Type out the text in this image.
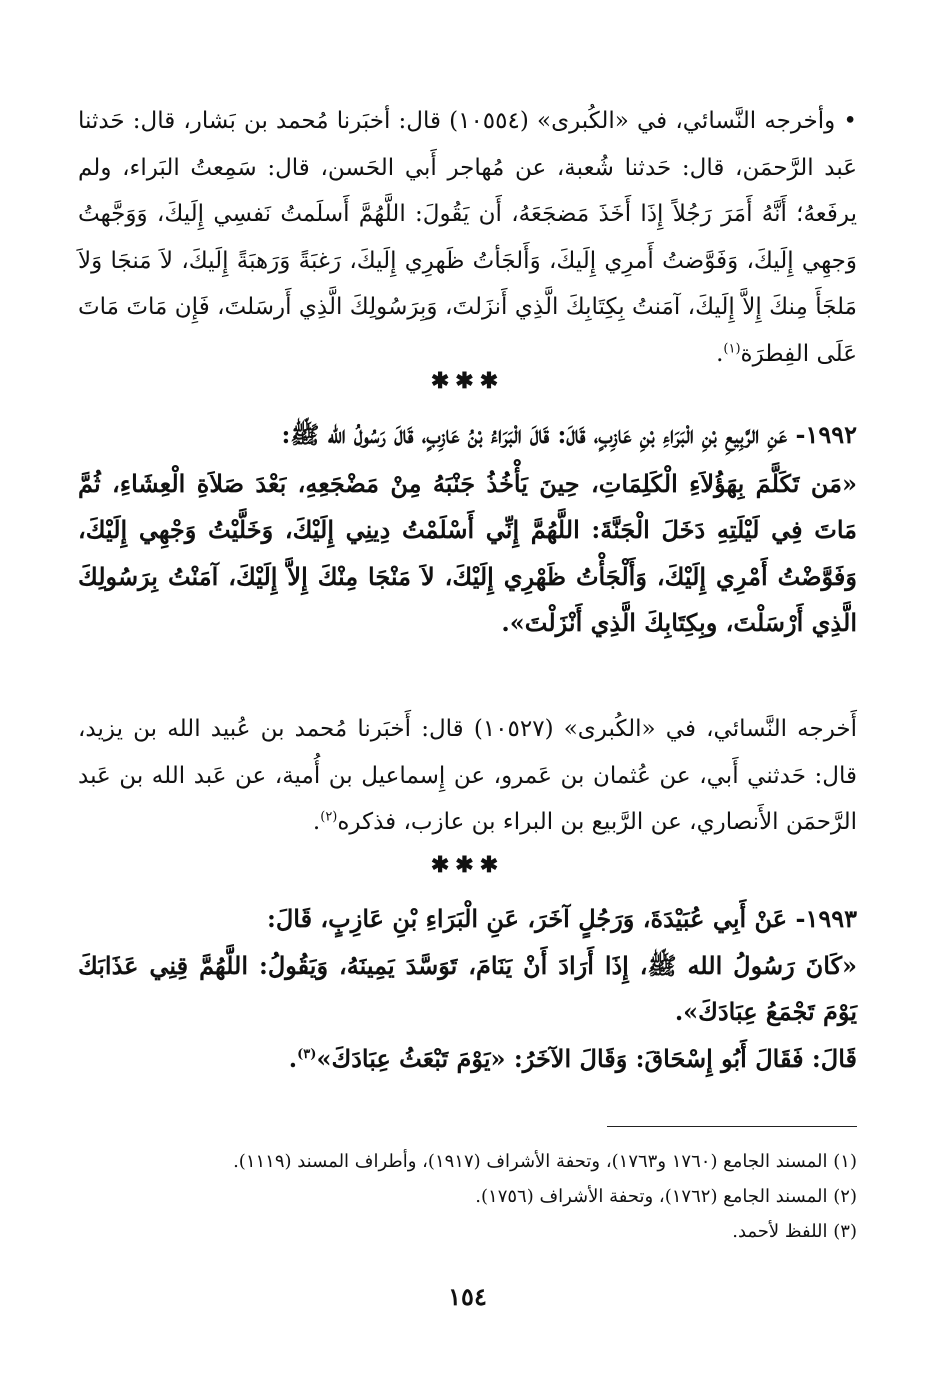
• وأخرجه النَّسائي، في «الكُبرى» (١٠٥٥٤) قال: أخبَرنا مُحمد بن بَشار، قال: حَدثنا عَبد الرَّحمَن، قال: حَدثنا شُعبة، عن مُهاجر أَبي الحَسن، قال: سَمِعتُ البَراء، ولم يرفَعهُ؛ أَنَّهُ أَمَرَ رَجُلاً إِذَا أَخَذَ مَضجَعَهُ، أَن يَقُولَ: اللَّهُمَّ أَسلَمتُ نَفسِي إِلَيكَ، وَوَجَّهتُ وَجهِي إِلَيكَ، وَفَوَّضتُ أَمرِي إِلَيكَ، وَأَلجَأتُ ظَهرِي إِلَيكَ، رَغبَةً وَرَهبَةً إِلَيكَ، لاَ مَنجَا وَلاَ مَلجَأَ مِنكَ إِلاَّ إِلَيكَ، آمَنتُ بِكِتَابِكَ الَّذِي أَنزَلتَ، وَبِرَسُولِكَ الَّذِي أَرسَلتَ، فَإِن مَاتَ مَاتَ عَلَى الفِطرَة$^{(١)}$.
✱✱✱
١٩٩٢- عَنِ الرَّبِيعِ بْنِ الْبَرَاءِ بْنِ عَازِبٍ، قَالَ: قَالَ الْبَرَاءُ بْنُ عَازِبٍ، قَالَ رَسُولُ الله ﷺ:
«مَن تَكَلَّمَ بِهَؤُلاَءِ الْكَلِمَاتِ، حِينَ يَأْخُذُ جَنْبَهُ مِنْ مَضْجَعِهِ، بَعْدَ صَلاَةِ الْعِشَاءِ، ثُمَّ مَاتَ فِي لَيْلَتِهِ دَخَلَ الْجَنَّةَ: اللَّهُمَّ إِنِّي أَسْلَمْتُ دِينِي إِلَيْكَ، وَخَلَّيْتُ وَجْهِي إِلَيْكَ، وَفَوَّضْتُ أَمْرِي إِلَيْكَ، وَأَلْجَأْتُ ظَهْرِي إِلَيْكَ، لاَ مَنْجَا مِنْكَ إِلاَّ إِلَيْكَ، آمَنْتُ بِرَسُولِكَ الَّذِي أَرْسَلْتَ، وبِكِتَابِكَ الَّذِي أَنْزَلْتَ».
أَخرجه النَّسائي، في «الكُبرى» (١٠٥٢٧) قال: أَخبَرنا مُحمد بن عُبيد الله بن يزيد، قال: حَدثني أَبي، عن عُثمان بن عَمرو، عن إِسماعيل بن أُمية، عن عَبد الله بن عَبد الرَّحمَن الأَنصاري، عن الرَّبيع بن البراء بن عازب، فذكره$^{(٢)}$.
✱✱✱
١٩٩٣- عَنْ أَبِي عُبَيْدَةَ، وَرَجُلٍ آخَرَ، عَنِ الْبَرَاءِ بْنِ عَازِبٍ، قَالَ:
«كَانَ رَسُولُ الله ﷺ، إِذَا أَرَادَ أَنْ يَنَامَ، تَوَسَّدَ يَمِينَهُ، وَيَقُولُ: اللَّهُمَّ قِنِي عَذَابَكَ يَوْمَ تَجْمَعُ عِبَادَكَ».
قَالَ: فَقَالَ أَبُو إِسْحَاقَ: وَقَالَ الآخَرُ: «يَوْمَ تَبْعَثُ عِبَادَكَ»$^{(٣)}$.

(١) المسند الجامع (١٧٦٠ و١٧٦٣)، وتحفة الأشراف (١٩١٧)، وأطراف المسند (١١١٩).

(٢) المسند الجامع (١٧٦٢)، وتحفة الأشراف (١٧٥٦).

(٣) اللفظ لأحمد.

١٥٤
